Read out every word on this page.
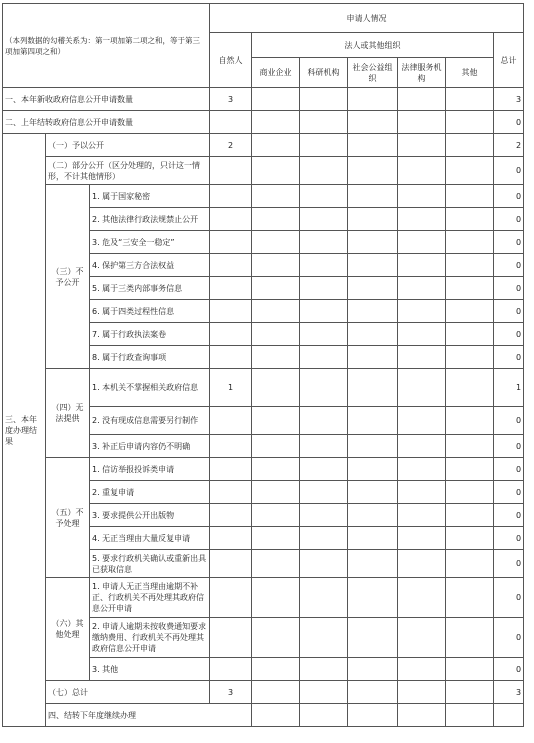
（本列数据的勾稽关系为：第一项加第二项之和，等于第三项加第四项之和）			申请人情况							
			自然人	法人或其他组织					总计	
				商业企业	科研机构	社会公益组织	法律服务机构	其他		
一、本年新收政府信息公开申请数量			3						3	
二、上年结转政府信息公开申请数量									0	
三、本年度办理结果	（一）予以公开		2						2	
	（二）部分公开（区分处理的，只计这一情形，不计其他情形）								0	
	（三）不予公开	1. 属于国家秘密							0	
		2. 其他法律行政法规禁止公开							0	
		3. 危及“三安全一稳定”							0	
		4. 保护第三方合法权益							0	
		5. 属于三类内部事务信息							0	
		6. 属于四类过程性信息							0	
		7. 属于行政执法案卷							0	
		8. 属于行政查询事项							0	
	（四）无法提供	1. 本机关不掌握相关政府信息	1						1	
		2. 没有现成信息需要另行制作							0	
		3. 补正后申请内容仍不明确							0	
	（五）不予处理	1. 信访举报投诉类申请							0	
		2. 重复申请							0	
		3. 要求提供公开出版物							0	
		4. 无正当理由大量反复申请							0	
		5. 要求行政机关确认或重新出具已获取信息							0	
	（六）其他处理	1. 申请人无正当理由逾期不补正、行政机关不再处理其政府信息公开申请							0	
		2. 申请人逾期未按收费通知要求缴纳费用、行政机关不再处理其政府信息公开申请							0	
		3. 其他							0	
	（七）总计		3						3	
	四、结转下年度继续办理							
